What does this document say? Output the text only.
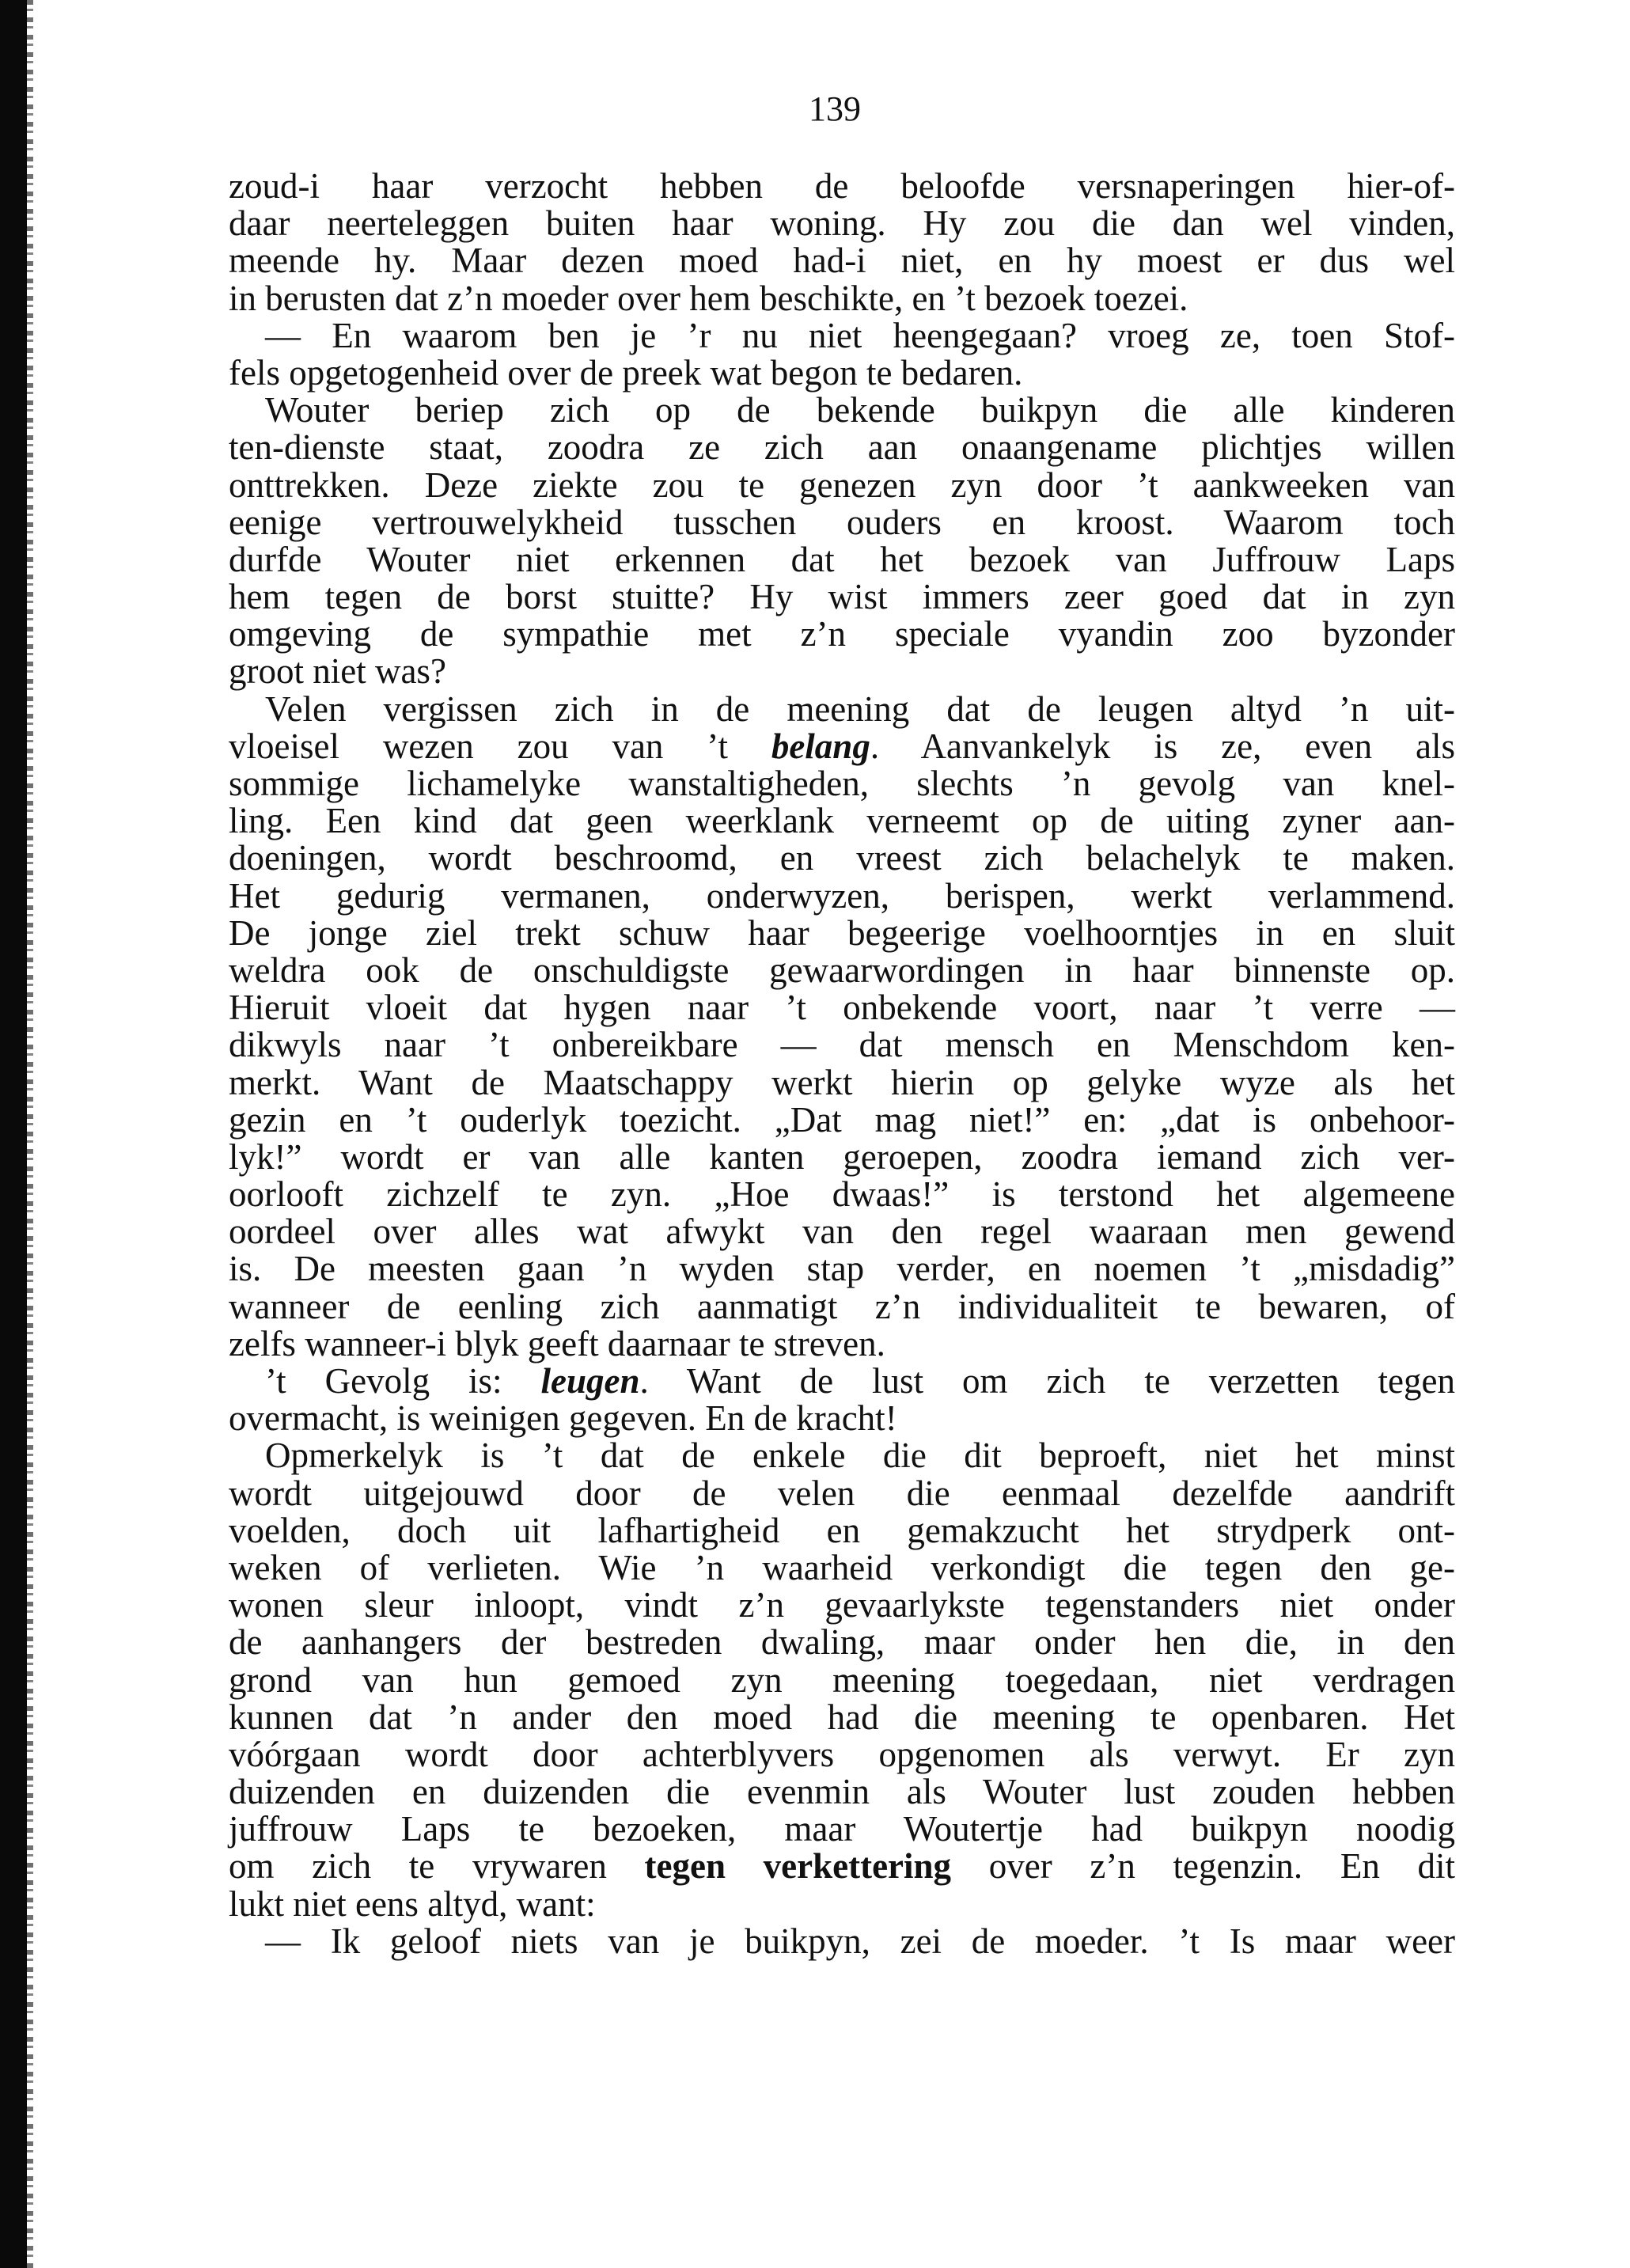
139
zoud-i haar verzocht hebben de beloofde versnaperingen hier-of-
daar neerteleggen buiten haar woning. Hy zou die dan wel vinden,
meende hy. Maar dezen moed had-i niet, en hy moest er dus wel
in berusten dat z’n moeder over hem beschikte, en ’t bezoek toezei.
— En waarom ben je ’r nu niet heengegaan? vroeg ze, toen Stof-
fels opgetogenheid over de preek wat begon te bedaren.
Wouter beriep zich op de bekende buikpyn die alle kinderen
ten-dienste staat, zoodra ze zich aan onaangename plichtjes willen
onttrekken. Deze ziekte zou te genezen zyn door ’t aankweeken van
eenige vertrouwelykheid tusschen ouders en kroost. Waarom toch
durfde Wouter niet erkennen dat het bezoek van Juffrouw Laps
hem tegen de borst stuitte? Hy wist immers zeer goed dat in zyn
omgeving de sympathie met z’n speciale vyandin zoo byzonder
groot niet was?
Velen vergissen zich in de meening dat de leugen altyd ’n uit-
vloeisel wezen zou van ’t belang. Aanvankelyk is ze, even als
sommige lichamelyke wanstaltigheden, slechts ’n gevolg van knel-
ling. Een kind dat geen weerklank verneemt op de uiting zyner aan-
doeningen, wordt beschroomd, en vreest zich belachelyk te maken.
Het gedurig vermanen, onderwyzen, berispen, werkt verlammend.
De jonge ziel trekt schuw haar begeerige voelhoorntjes in en sluit
weldra ook de onschuldigste gewaarwordingen in haar binnenste op.
Hieruit vloeit dat hygen naar ’t onbekende voort, naar ’t verre —
dikwyls naar ’t onbereikbare — dat mensch en Menschdom ken-
merkt. Want de Maatschappy werkt hierin op gelyke wyze als het
gezin en ’t ouderlyk toezicht. „Dat mag niet!” en: „dat is onbehoor-
lyk!” wordt er van alle kanten geroepen, zoodra iemand zich ver-
oorlooft zichzelf te zyn. „Hoe dwaas!” is terstond het algemeene
oordeel over alles wat afwykt van den regel waaraan men gewend
is. De meesten gaan ’n wyden stap verder, en noemen ’t „misdadig”
wanneer de eenling zich aanmatigt z’n individualiteit te bewaren, of
zelfs wanneer-i blyk geeft daarnaar te streven.
’t Gevolg is: leugen. Want de lust om zich te verzetten tegen
overmacht, is weinigen gegeven. En de kracht!
Opmerkelyk is ’t dat de enkele die dit beproeft, niet het minst
wordt uitgejouwd door de velen die eenmaal dezelfde aandrift
voelden, doch uit lafhartigheid en gemakzucht het strydperk ont-
weken of verlieten. Wie ’n waarheid verkondigt die tegen den ge-
wonen sleur inloopt, vindt z’n gevaarlykste tegenstanders niet onder
de aanhangers der bestreden dwaling, maar onder hen die, in den
grond van hun gemoed zyn meening toegedaan, niet verdragen
kunnen dat ’n ander den moed had die meening te openbaren. Het
vóórgaan wordt door achterblyvers opgenomen als verwyt. Er zyn
duizenden en duizenden die evenmin als Wouter lust zouden hebben
juffrouw Laps te bezoeken, maar Woutertje had buikpyn noodig
om zich te vrywaren tegen verkettering over z’n tegenzin. En dit
lukt niet eens altyd, want:
— Ik geloof niets van je buikpyn, zei de moeder. ’t Is maar weer
